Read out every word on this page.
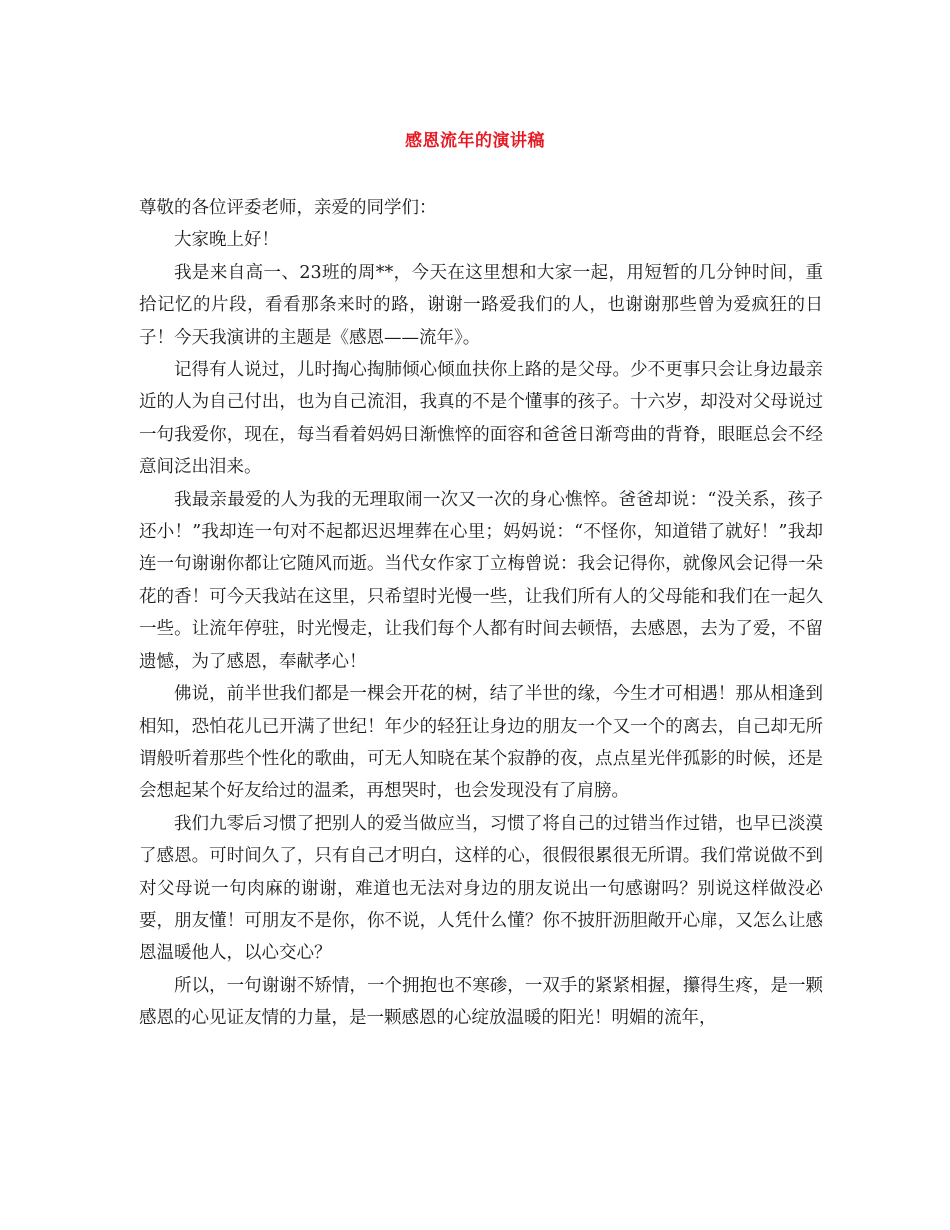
感恩流年的演讲稿

尊敬的各位评委老师，亲爱的同学们：

大家晚上好！

我是来自高一、23班的周**，今天在这里想和大家一起，用短暂的几分钟时间，重拾记忆的片段，看看那条来时的路，谢谢一路爱我们的人，也谢谢那些曾为爱疯狂的日子！今天我演讲的主题是《感恩——流年》。

记得有人说过，儿时掏心掏肺倾心倾血扶你上路的是父母。少不更事只会让身边最亲近的人为自己付出，也为自己流泪，我真的不是个懂事的孩子。十六岁，却没对父母说过一句我爱你，现在，每当看着妈妈日渐憔悴的面容和爸爸日渐弯曲的背脊，眼眶总会不经意间泛出泪来。

我最亲最爱的人为我的无理取闹一次又一次的身心憔悴。爸爸却说：“没关系，孩子还小！”我却连一句对不起都迟迟埋葬在心里；妈妈说：“不怪你，知道错了就好！”我却连一句谢谢你都让它随风而逝。当代女作家丁立梅曾说：我会记得你，就像风会记得一朵花的香！可今天我站在这里，只希望时光慢一些，让我们所有人的父母能和我们在一起久一些。让流年停驻，时光慢走，让我们每个人都有时间去顿悟，去感恩，去为了爱，不留遗憾，为了感恩，奉献孝心！

佛说，前半世我们都是一棵会开花的树，结了半世的缘，今生才可相遇！那从相逢到相知，恐怕花儿已开满了世纪！年少的轻狂让身边的朋友一个又一个的离去，自己却无所谓般听着那些个性化的歌曲，可无人知晓在某个寂静的夜，点点星光伴孤影的时候，还是会想起某个好友给过的温柔，再想哭时，也会发现没有了肩膀。

我们九零后习惯了把别人的爱当做应当，习惯了将自己的过错当作过错，也早已淡漠了感恩。可时间久了，只有自己才明白，这样的心，很假很累很无所谓。我们常说做不到对父母说一句肉麻的谢谢，难道也无法对身边的朋友说出一句感谢吗？别说这样做没必要，朋友懂！可朋友不是你，你不说，人凭什么懂？你不披肝沥胆敞开心扉，又怎么让感恩温暖他人，以心交心？

所以，一句谢谢不矫情，一个拥抱也不寒碜，一双手的紧紧相握，攥得生疼，是一颗感恩的心见证友情的力量，是一颗感恩的心绽放温暖的阳光！明媚的流年，
